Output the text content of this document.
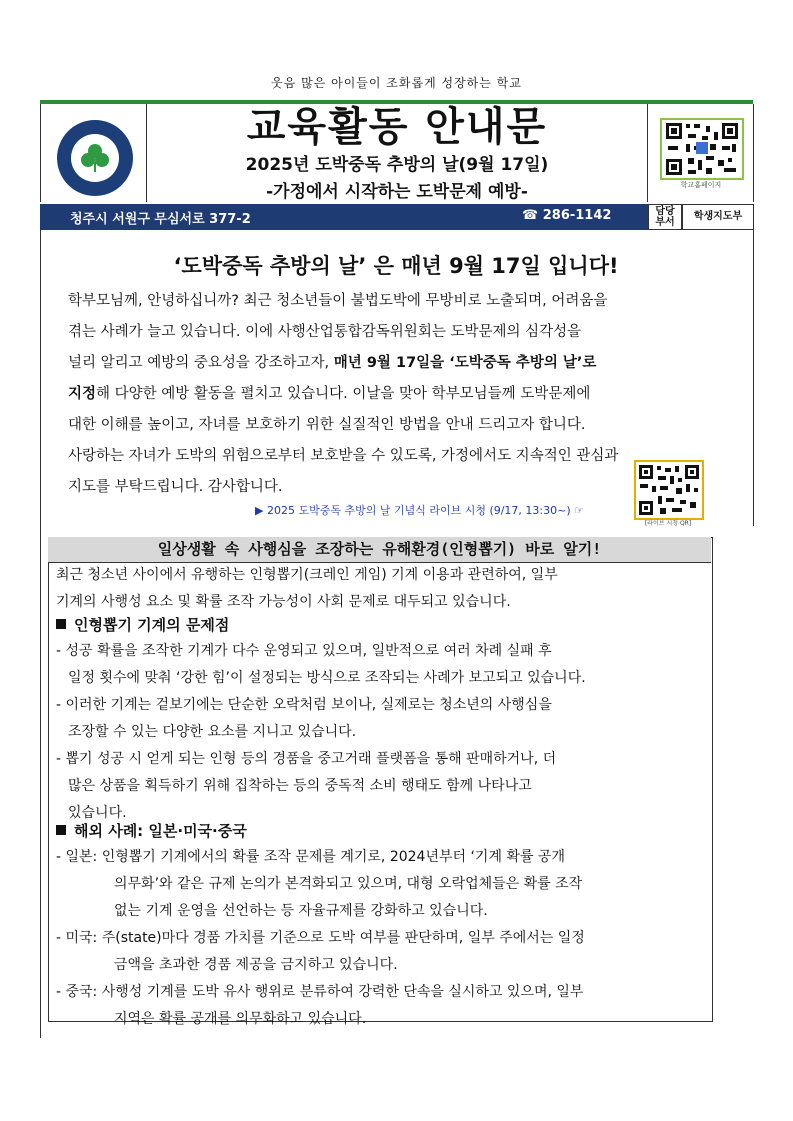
웃음 많은 아이들이 조화롭게 성장하는 학교
교육활동 안내문
2025년 도박중독 추방의 날(9월 17일)
-가정에서 시작하는 도박문제 예방-	학교홈페이지
청주시 서원구 무심서로 377-2	☎ 286-1142	담당
부서
학생지도부
‘도박중독 추방의 날’ 은 매년 9월 17일 입니다!
학부모님께, 안녕하십니까? 최근 청소년들이 불법도박에 무방비로 노출되며, 어려움을
겪는 사례가 늘고 있습니다. 이에 사행산업통합감독위원회는 도박문제의 심각성을
널리 알리고 예방의 중요성을 강조하고자, 매년 9월 17일을 ‘도박중독 추방의 날’로
지정해 다양한 예방 활동을 펼치고 있습니다. 이날을 맞아 학부모님들께 도박문제에
대한 이해를 높이고, 자녀를 보호하기 위한 실질적인 방법을 안내 드리고자 합니다.
사랑하는 자녀가 도박의 위험으로부터 보호받을 수 있도록, 가정에서도 지속적인 관심과
지도를 부탁드립니다. 감사합니다.
▶ 2025 도박중독 추방의 날 기념식 라이브 시청 (9/17, 13:30~) ☞
[라이브 시청 QR]
일상생활 속 사행심을 조장하는 유해환경(인형뽑기) 바로 알기!
최근 청소년 사이에서 유행하는 인형뽑기(크레인 게임) 기계 이용과 관련하여, 일부
기계의 사행성 요소 및 확률 조작 가능성이 사회 문제로 대두되고 있습니다.
인형뽑기 기계의 문제점
- 성공 확률을 조작한 기계가 다수 운영되고 있으며, 일반적으로 여러 차례 실패 후
일정 횟수에 맞춰 ‘강한 힘’이 설정되는 방식으로 조작되는 사례가 보고되고 있습니다.
- 이러한 기계는 겉보기에는 단순한 오락처럼 보이나, 실제로는 청소년의 사행심을
조장할 수 있는 다양한 요소를 지니고 있습니다.
- 뽑기 성공 시 얻게 되는 인형 등의 경품을 중고거래 플랫폼을 통해 판매하거나, 더
많은 상품을 획득하기 위해 집착하는 등의 중독적 소비 행태도 함께 나타나고
있습니다.
해외 사례: 일본·미국·중국
- 일본: 인형뽑기 기계에서의 확률 조작 문제를 계기로, 2024년부터 ‘기계 확률 공개
의무화’와 같은 규제 논의가 본격화되고 있으며, 대형 오락업체들은 확률 조작
없는 기계 운영을 선언하는 등 자율규제를 강화하고 있습니다.
- 미국: 주(state)마다 경품 가치를 기준으로 도박 여부를 판단하며, 일부 주에서는 일정
금액을 초과한 경품 제공을 금지하고 있습니다.
- 중국: 사행성 기계를 도박 유사 행위로 분류하여 강력한 단속을 실시하고 있으며, 일부
지역은 확률 공개를 의무화하고 있습니다.
